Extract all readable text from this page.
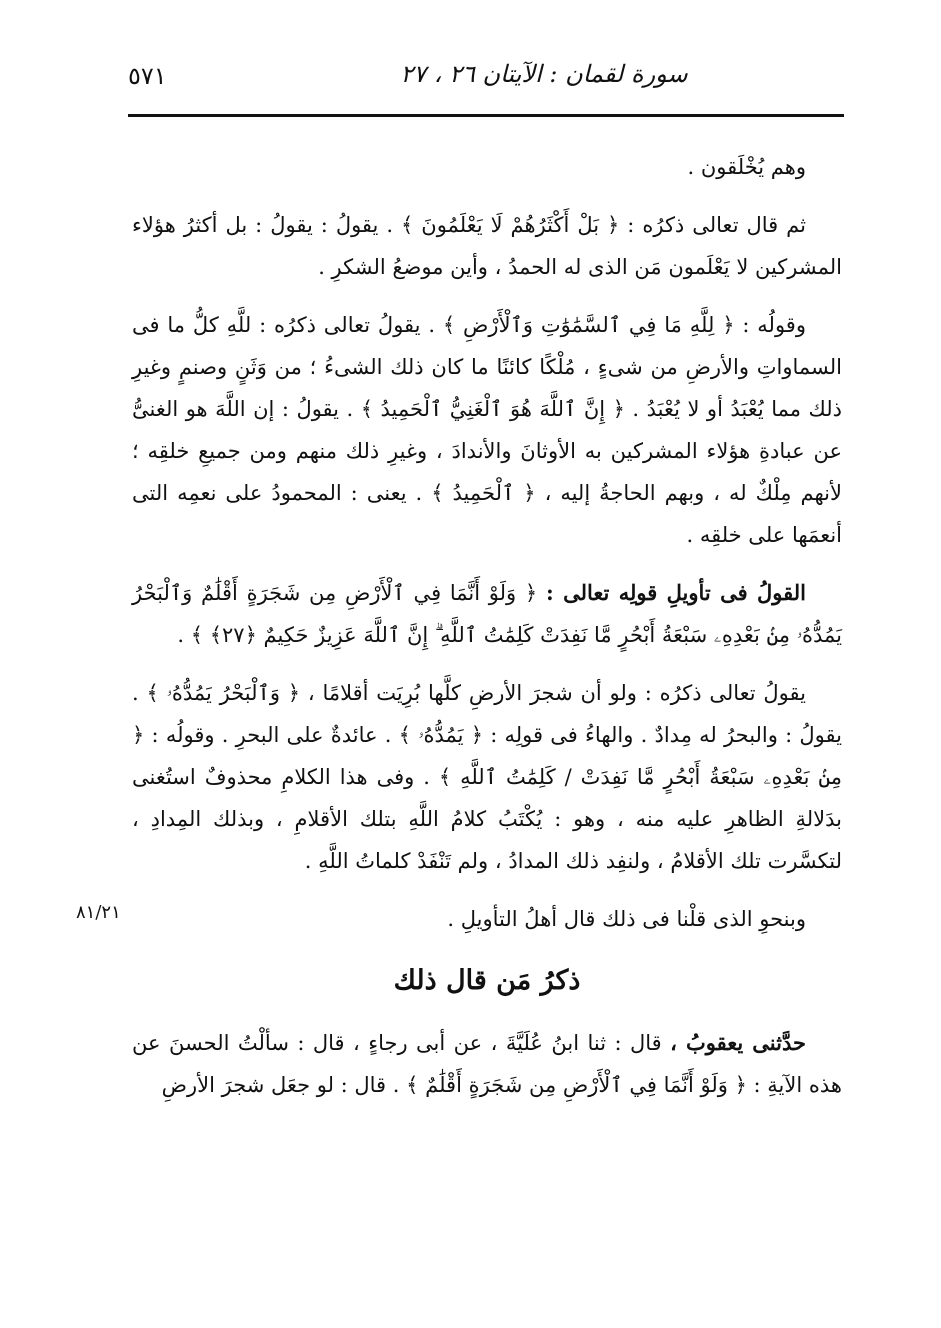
سورة لقمان : الآيتان ٢٦ ، ٢٧
٥٧١
٨١/٢١

وهم يُخْلَقون .

ثم قال تعالى ذكرُه : ﴿ بَلْ أَكْثَرُهُمْ لَا يَعْلَمُونَ ﴾ . يقولُ : يقولُ : بل أكثرُ هؤلاء المشركين لا يَعْلَمون مَن الذى له الحمدُ ، وأين موضعُ الشكرِ .

وقولُه : ﴿ لِلَّهِ مَا فِي ٱلسَّمَٰوَٰتِ وَٱلْأَرْضِ ﴾ . يقولُ تعالى ذكرُه : للَّهِ كلُّ ما فى السماواتِ والأرضِ من شىءٍ ، مُلْكًا كائنًا ما كان ذلك الشىءُ ؛ من وَثَنٍ وصنمٍ وغيرِ ذلك مما يُعْبَدُ أو لا يُعْبَدُ . ﴿ إِنَّ ٱللَّهَ هُوَ ٱلْغَنِيُّ ٱلْحَمِيدُ ﴾ . يقولُ : إن اللَّهَ هو الغنىُّ عن عبادةِ هؤلاء المشركين به الأوثانَ والأندادَ ، وغيرِ ذلك منهم ومن جميعِ خلقِه ؛ لأنهم مِلْكٌ له ، وبهم الحاجةُ إليه ، ﴿ ٱلْحَمِيدُ ﴾ . يعنى : المحمودُ على نعمِه التى أنعمَها على خلقِه .

القولُ فى تأويلِ قولِه تعالى : ﴿ وَلَوْ أَنَّمَا فِي ٱلْأَرْضِ مِن شَجَرَةٍ أَقْلَٰمٌ وَٱلْبَحْرُ يَمُدُّهُۥ مِنۢ بَعْدِهِۦ سَبْعَةُ أَبْحُرٍ مَّا نَفِدَتْ كَلِمَٰتُ ٱللَّهِ ۗ إِنَّ ٱللَّهَ عَزِيزٌ حَكِيمٌ ﴿٢٧﴾ ﴾ .

يقولُ تعالى ذكرُه : ولو أن شجرَ الأرضِ كلَّها بُرِيَت أقلامًا ، ﴿ وَٱلْبَحْرُ يَمُدُّهُۥ ﴾ . يقولُ : والبحرُ له مِدادٌ . والهاءُ فى قولِه : ﴿ يَمُدُّهُۥ ﴾ . عائدةٌ على البحرِ . وقولُه : ﴿ مِنۢ بَعْدِهِۦ سَبْعَةُ أَبْحُرٍ مَّا نَفِدَتْ / كَلِمَٰتُ ٱللَّهِ ﴾ . وفى هذا الكلامِ محذوفٌ استُغنى بدَلالةِ الظاهرِ عليه منه ، وهو : يُكْتَبُ كلامُ اللَّهِ بتلك الأقلامِ ، وبذلك المِدادِ ، لتكسَّرت تلك الأقلامُ ، ولنفِد ذلك المدادُ ، ولم تَنْفَدْ كلماتُ اللَّهِ .

وبنحوِ الذى قلْنا فى ذلك قال أهلُ التأويلِ .

ذكرُ مَن قال ذلك

حدَّثنى يعقوبُ ، قال : ثنا ابنُ عُلَيَّةَ ، عن أبى رجاءٍ ، قال : سألْتُ الحسنَ عن هذه الآيةِ : ﴿ وَلَوْ أَنَّمَا فِي ٱلْأَرْضِ مِن شَجَرَةٍ أَقْلَٰمٌ ﴾ . قال : لو جعَل شجرَ الأرضِ
